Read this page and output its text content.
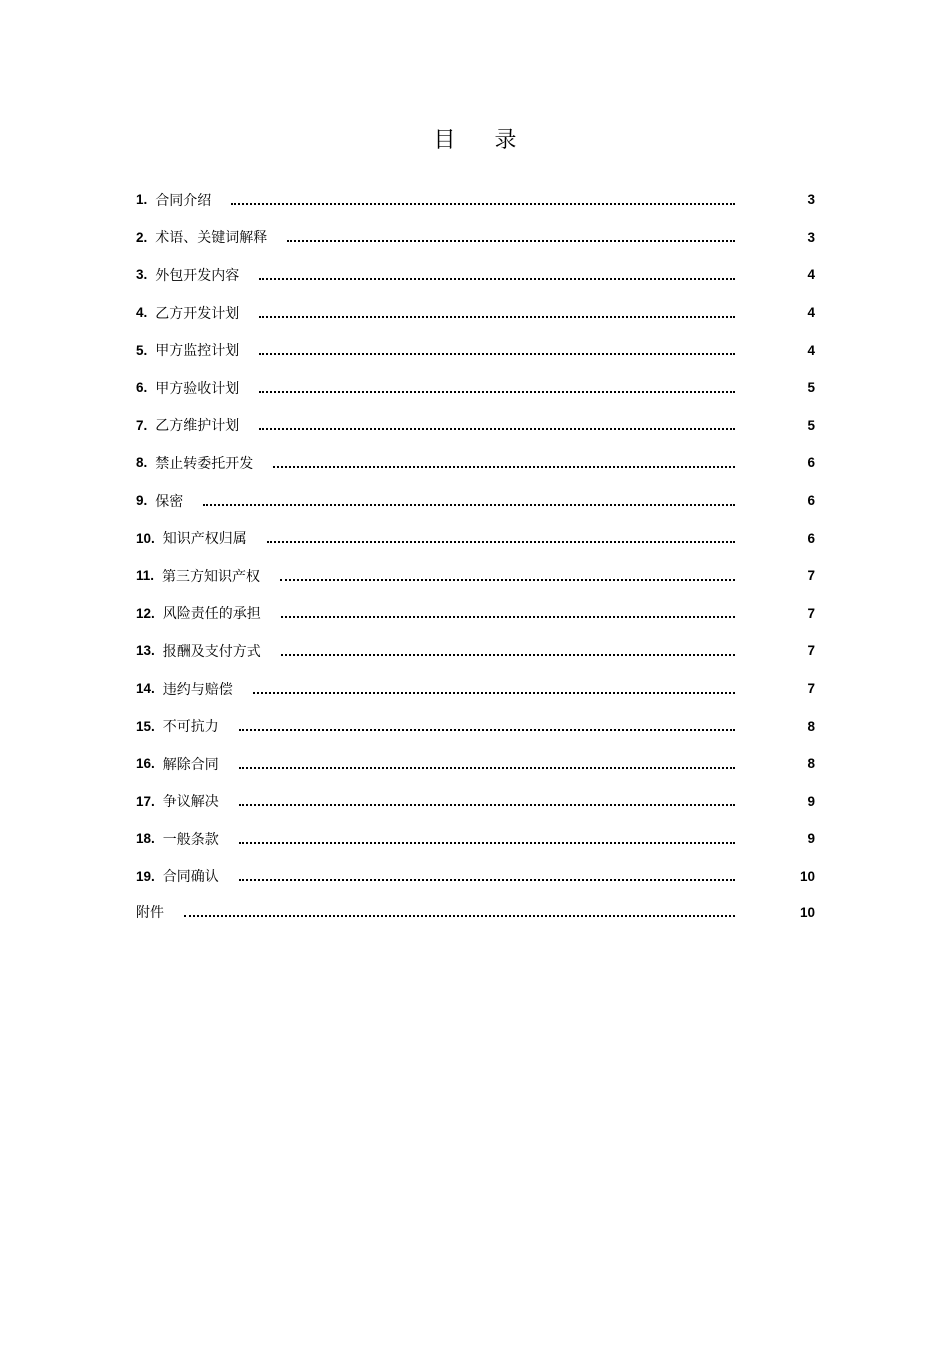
目 录
1. 合同介绍	3
2. 术语、关键词解释	3
3. 外包开发内容	4
4. 乙方开发计划	4
5. 甲方监控计划	4
6. 甲方验收计划	5
7. 乙方维护计划	5
8. 禁止转委托开发	6
9. 保密	6
10. 知识产权归属	6
11. 第三方知识产权	7
12. 风险责任的承担	7
13. 报酬及支付方式	7
14. 违约与赔偿	7
15. 不可抗力	8
16. 解除合同	8
17. 争议解决	9
18. 一般条款	9
19. 合同确认	10
附件	10
